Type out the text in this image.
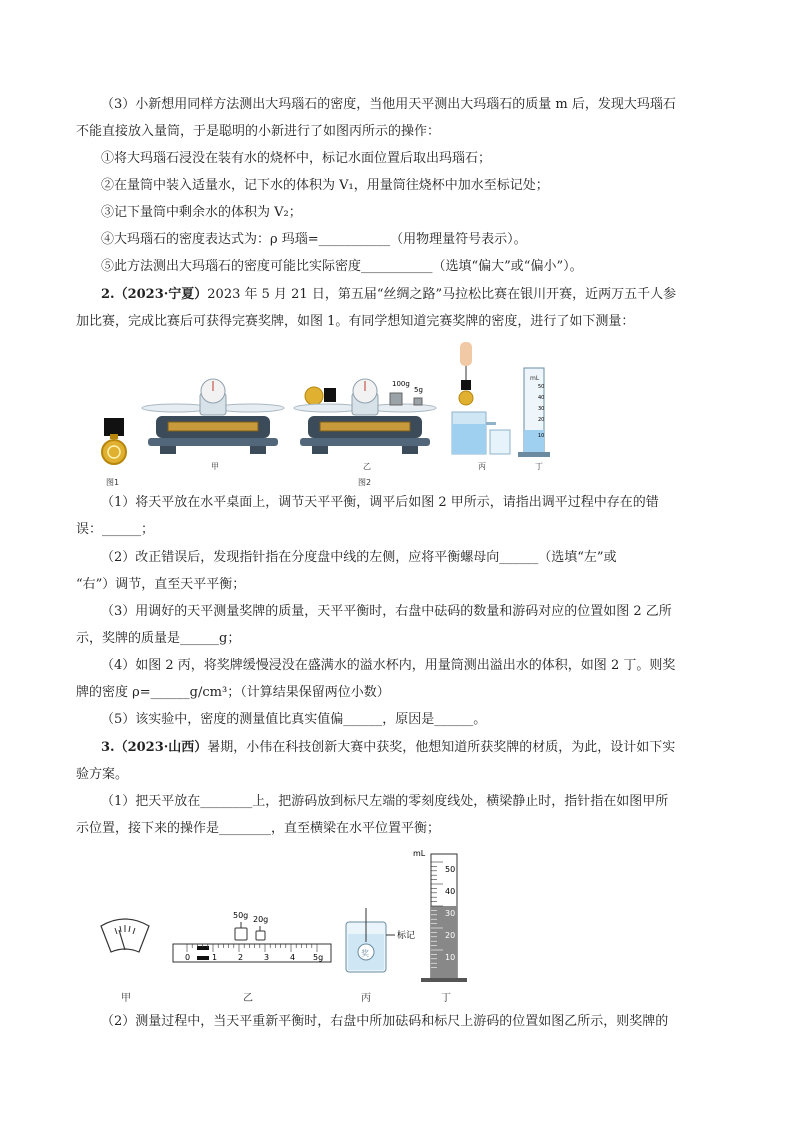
（3）小新想用同样方法测出大玛瑙石的密度，当他用天平测出大玛瑙石的质量 m 后，发现大玛瑙石
不能直接放入量筒，于是聪明的小新进行了如图丙所示的操作：
①将大玛瑙石浸没在装有水的烧杯中，标记水面位置后取出玛瑙石；
②在量筒中装入适量水，记下水的体积为 V₁，用量筒往烧杯中加水至标记处；
③记下量筒中剩余水的体积为 V₂；
④大玛瑙石的密度表达式为：ρ 玛瑙=___________（用物理量符号表示）。
⑤此方法测出大玛瑙石的密度可能比实际密度___________（选填“偏大”或“偏小”）。
2.（2023·宁夏）2023 年 5 月 21 日，第五届“丝绸之路”马拉松比赛在银川开赛，近两万五千人参
加比赛，完成比赛后可获得完赛奖牌，如图 1。有同学想知道完赛奖牌的密度，进行了如下测量：
mL
50
40
30
20
10
100g
5g
图1
甲	乙
图2
丙	丁
（1）将天平放在水平桌面上，调节天平平衡，调平后如图 2 甲所示，请指出调平过程中存在的错
误：______；
（2）改正错误后，发现指针指在分度盘中线的左侧，应将平衡螺母向______（选填“左”或
“右”）调节，直至天平平衡；
（3）用调好的天平测量奖牌的质量，天平平衡时，右盘中砝码的数量和游码对应的位置如图 2 乙所
示，奖牌的质量是______g；
（4）如图 2 丙，将奖牌缓慢浸没在盛满水的溢水杯内，用量筒测出溢出水的体积，如图 2 丁。则奖
牌的密度 ρ=______g/cm³；（计算结果保留两位小数）
（5）该实验中，密度的测量值比真实值偏______，原因是______。
3.（2023·山西）暑期，小伟在科技创新大赛中获奖，他想知道所获奖牌的材质，为此，设计如下实
验方案。
（1）把天平放在________上，把游码放到标尺左端的零刻度线处，横梁静止时，指针指在如图甲所
示位置，接下来的操作是________，直至横梁在水平位置平衡；
50g 20g
0	1	2	3	4 5g	奖
标记
mL
50
40
30
20
10
甲	乙	丙	丁
（2）测量过程中，当天平重新平衡时，右盘中所加砝码和标尺上游码的位置如图乙所示，则奖牌的
